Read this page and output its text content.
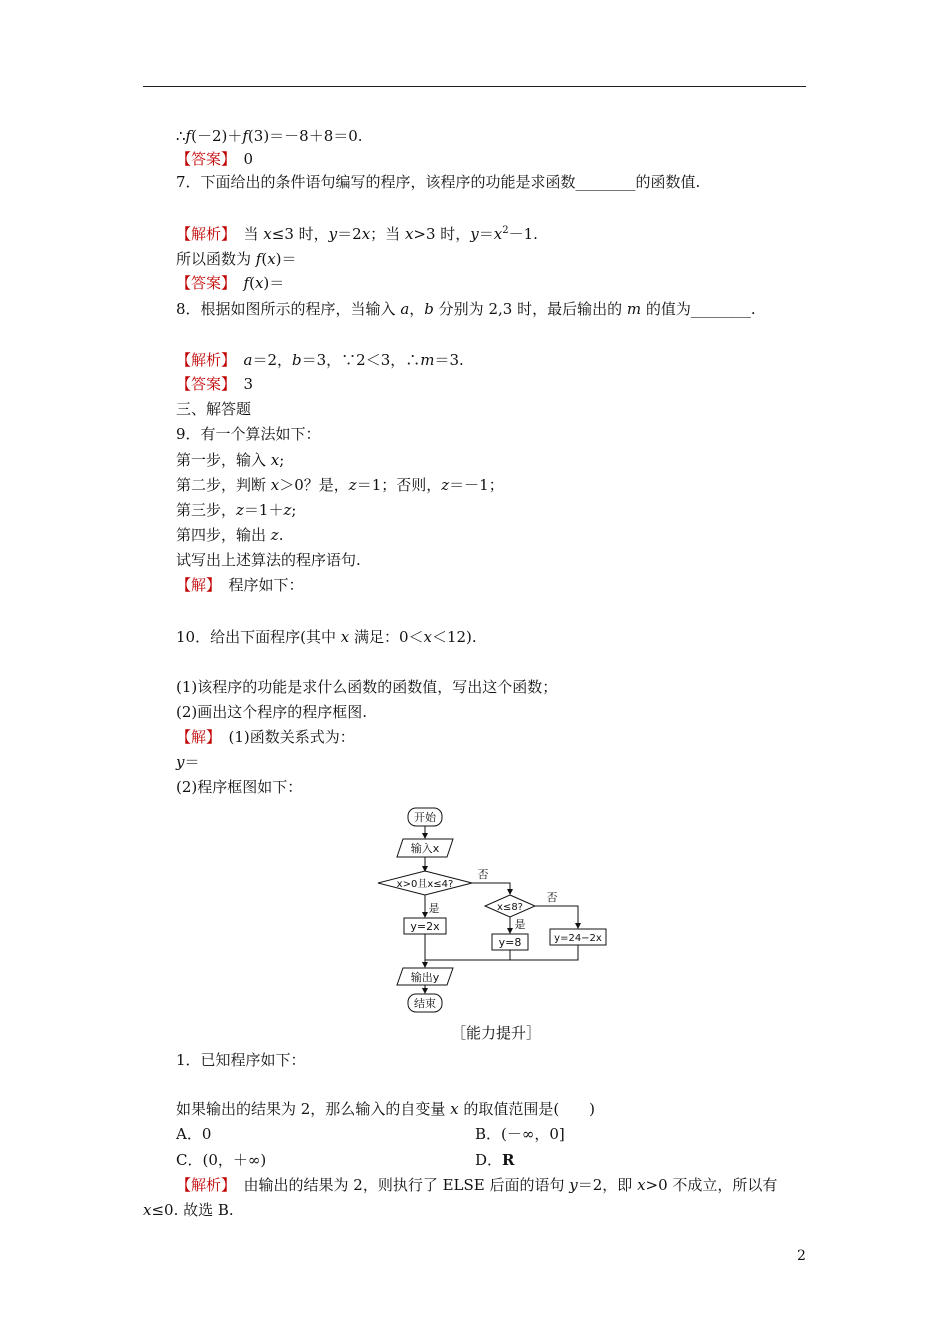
∴f(－2)＋f(3)＝－8＋8＝0.
【答案】　0
7．下面给出的条件语句编写的程序，该程序的功能是求函数________的函数值.
【解析】　当 x≤3 时，y＝2x；当 x>3 时，$y=x^2-1$.
所以函数为 f(x)＝
【答案】　 f(x)＝
8．根据如图所示的程序，当输入 a，b 分别为 2,3 时，最后输出的 m 的值为________.
【解析】　 a＝2，b＝3，∵2＜3，∴m＝3.
【答案】　3
三、解答题
9．有一个算法如下：
第一步，输入 x;
第二步，判断 x＞0？是，z＝1；否则，z＝－1；
第三步，z＝1＋z;
第四步，输出 z.
试写出上述算法的程序语句.
【解】　程序如下：
10．给出下面程序(其中 x 满足：0＜x＜12).
(1)该程序的功能是求什么函数的函数值，写出这个函数；
(2)画出这个程序的程序框图.
【解】　(1)函数关系式为：
y＝
(2)程序框图如下：
［能力提升］
1．已知程序如下：
如果输出的结果为 2，那么输入的自变量 x 的取值范围是(　　)
A．0	B．(－∞，0]
C．(0，＋∞)	D．R
【解析】　由输出的结果为 2，则执行了 ELSE 后面的语句 y＝2，即 x>0 不成立，所以有
x≤0. 故选 B.
开始
输入x
x>0且x≤4?
否
是
y=2x
x≤8?
否
是
y=8	y=24−2x
输出y
结束
2
